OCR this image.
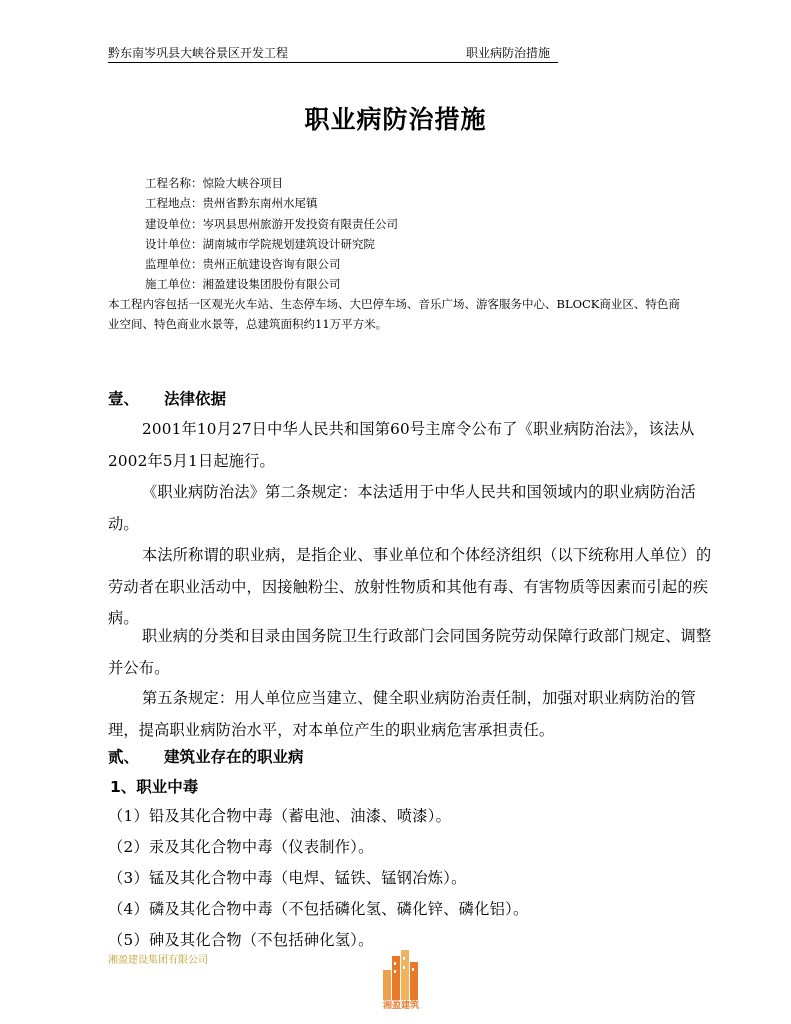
黔东南岑巩县大峡谷景区开发工程	职业病防治措施
职业病防治措施
工程名称：惊险大峡谷项目
工程地点：贵州省黔东南州水尾镇
建设单位：岑巩县思州旅游开发投资有限责任公司
设计单位：湖南城市学院规划建筑设计研究院
监理单位：贵州正航建设咨询有限公司
施工单位：湘盈建设集团股份有限公司
本工程内容包括一区观光火车站、生态停车场、大巴停车场、音乐广场、游客服务中心、BLOCK商业区、特色商业空间、特色商业水景等，总建筑面积约11万平方米。
壹、 法律依据
2001年10月27日中华人民共和国第60号主席令公布了《职业病防治法》，该法从2002年5月1日起施行。
《职业病防治法》第二条规定：本法适用于中华人民共和国领域内的职业病防治活动。
本法所称谓的职业病，是指企业、事业单位和个体经济组织（以下统称用人单位）的劳动者在职业活动中，因接触粉尘、放射性物质和其他有毒、有害物质等因素而引起的疾病。
职业病的分类和目录由国务院卫生行政部门会同国务院劳动保障行政部门规定、调整并公布。
第五条规定：用人单位应当建立、健全职业病防治责任制，加强对职业病防治的管理，提高职业病防治水平，对本单位产生的职业病危害承担责任。
贰、 建筑业存在的职业病
1、职业中毒
（1）铅及其化合物中毒（蓄电池、油漆、喷漆）。
（2）汞及其化合物中毒（仪表制作）。
（3）锰及其化合物中毒（电焊、锰铁、锰钢冶炼）。
（4）磷及其化合物中毒（不包括磷化氢、磷化锌、磷化铝）。
（5）砷及其化合物（不包括砷化氢）。
湘盈建设集团有限公司
湘盈建筑
